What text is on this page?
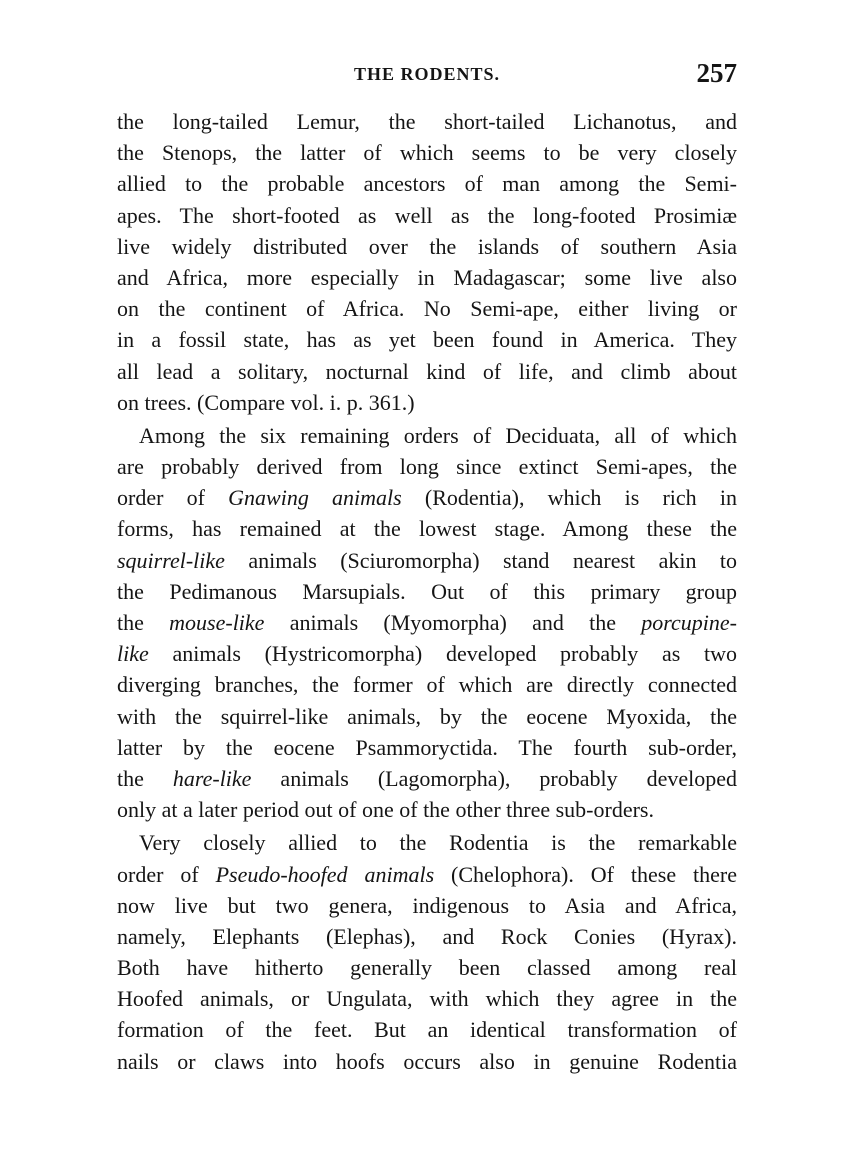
THE RODENTS.	257
the long-tailed Lemur, the short-tailed Lichanotus, and
the Stenops, the latter of which seems to be very closely
allied to the probable ancestors of man among the Semi-
apes. The short-footed as well as the long-footed Prosimiæ
live widely distributed over the islands of southern Asia
and Africa, more especially in Madagascar; some live also
on the continent of Africa. No Semi-ape, either living or
in a fossil state, has as yet been found in America. They
all lead a solitary, nocturnal kind of life, and climb about
on trees. (Compare vol. i. p. 361.)
Among the six remaining orders of Deciduata, all of which
are probably derived from long since extinct Semi-apes, the
order of Gnawing animals (Rodentia), which is rich in
forms, has remained at the lowest stage. Among these the
squirrel-like animals (Sciuromorpha) stand nearest akin to
the Pedimanous Marsupials. Out of this primary group
the mouse-like animals (Myomorpha) and the porcupine-
like animals (Hystricomorpha) developed probably as two
diverging branches, the former of which are directly connected
with the squirrel-like animals, by the eocene Myoxida, the
latter by the eocene Psammoryctida. The fourth sub-order,
the hare-like animals (Lagomorpha), probably developed
only at a later period out of one of the other three sub-orders.
Very closely allied to the Rodentia is the remarkable
order of Pseudo-hoofed animals (Chelophora). Of these there
now live but two genera, indigenous to Asia and Africa,
namely, Elephants (Elephas), and Rock Conies (Hyrax).
Both have hitherto generally been classed among real
Hoofed animals, or Ungulata, with which they agree in the
formation of the feet. But an identical transformation of
nails or claws into hoofs occurs also in genuine Rodentia
